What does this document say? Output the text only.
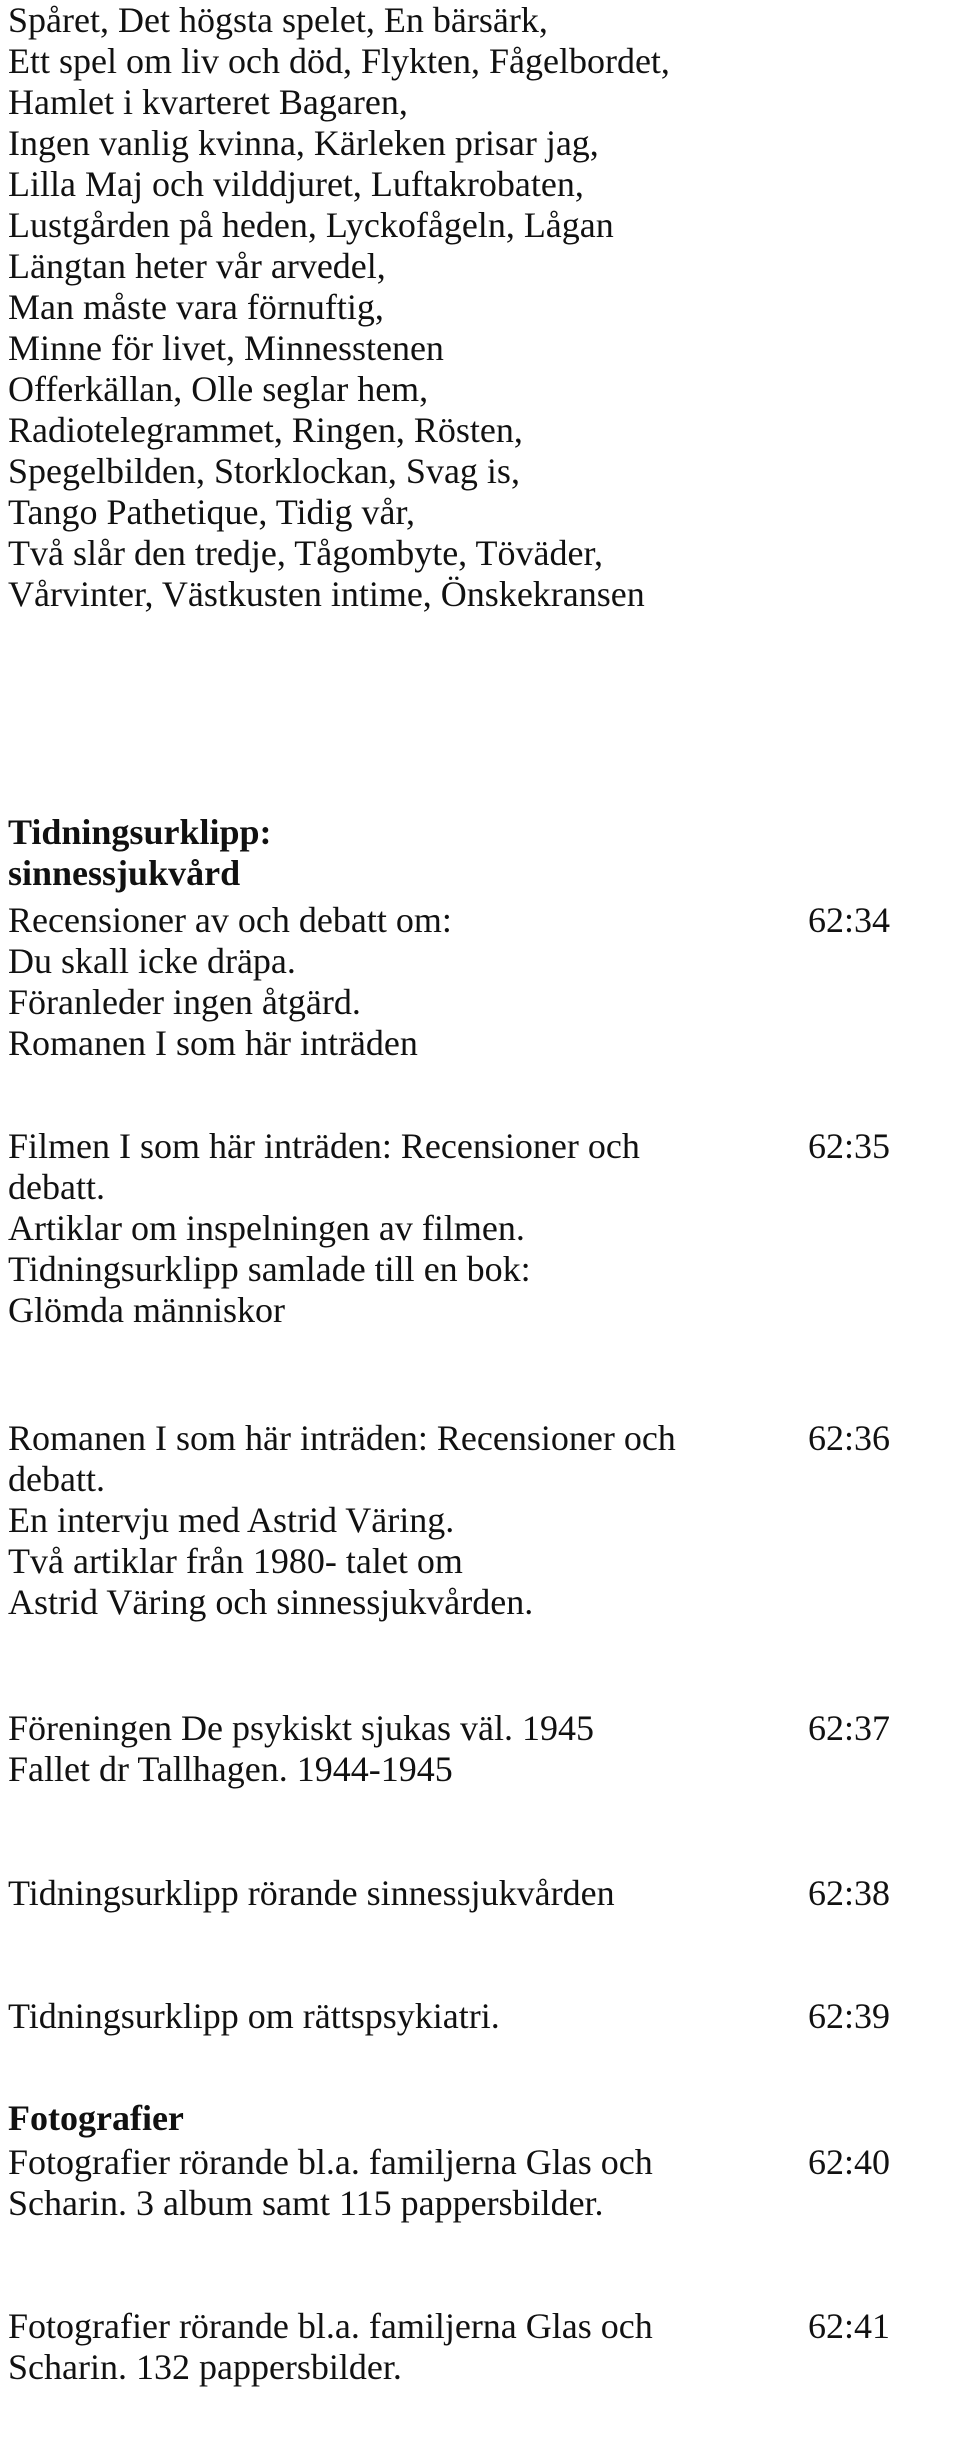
Spåret, Det högsta spelet, En bärsärk,
Ett spel om liv och död, Flykten, Fågelbordet,
Hamlet i kvarteret Bagaren,
Ingen vanlig kvinna, Kärleken prisar jag,
Lilla Maj och vilddjuret, Luftakrobaten,
Lustgården på heden, Lyckofågeln, Lågan
Längtan heter vår arvedel,
Man måste vara förnuftig,
Minne för livet, Minnesstenen
Offerkällan, Olle seglar hem,
Radiotelegrammet, Ringen, Rösten,
Spegelbilden, Storklockan, Svag is,
Tango Pathetique, Tidig vår,
Två slår den tredje, Tågombyte, Töväder,
Vårvinter, Västkusten intime, Önskekransen
Tidningsurklipp:
sinnessjukvård
62:34
Recensioner av och debatt om:
Du skall icke dräpa.
Föranleder ingen åtgärd.
Romanen I som här inträden
62:35
Filmen I som här inträden: Recensioner och
debatt.
Artiklar om inspelningen av filmen.
Tidningsurklipp samlade till en bok:
Glömda människor
62:36
Romanen I som här inträden: Recensioner och
debatt.
En intervju med Astrid Väring.
Två artiklar från 1980- talet om
Astrid Väring och sinnessjukvården.
62:37
Föreningen De psykiskt sjukas väl. 1945
Fallet dr Tallhagen. 1944-1945
62:38
Tidningsurklipp rörande sinnessjukvården
62:39
Tidningsurklipp om rättspsykiatri.
Fotografier
62:40
Fotografier rörande bl.a. familjerna Glas och
Scharin. 3 album samt 115 pappersbilder.
62:41
Fotografier rörande bl.a. familjerna Glas och
Scharin. 132 pappersbilder.
